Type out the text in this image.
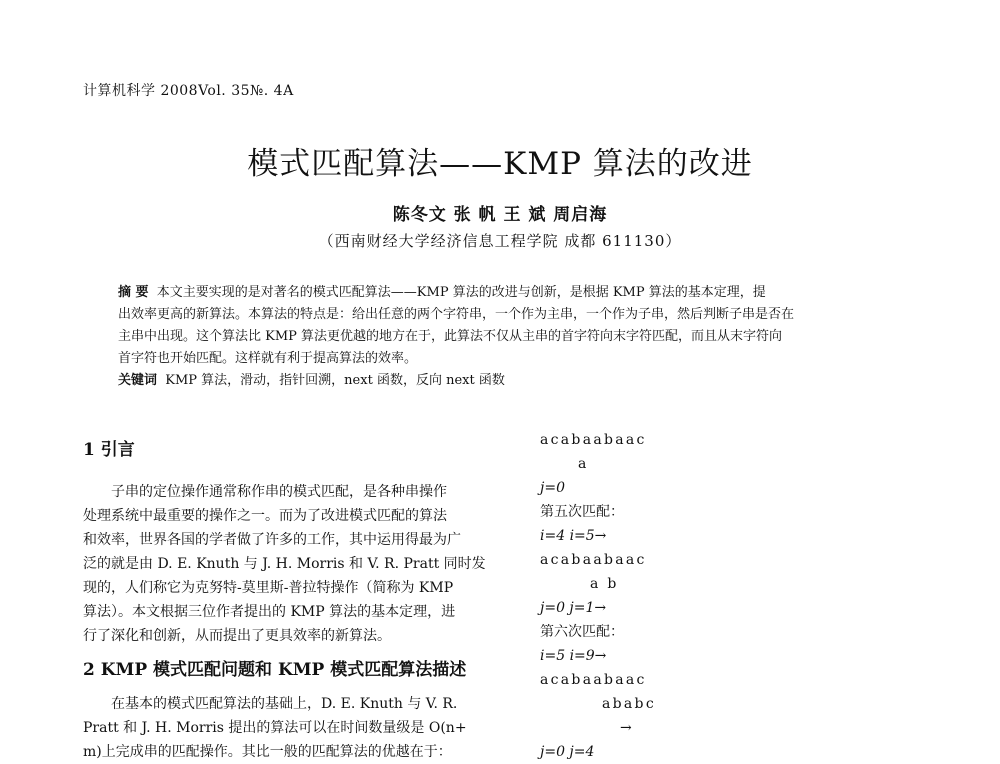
计算机科学 2008Vol. 35№. 4A
模式匹配算法——KMP 算法的改进
陈冬文 张 帆 王 斌 周启海
（西南财经大学经济信息工程学院 成都 611130）
摘 要 本文主要实现的是对著名的模式匹配算法——KMP 算法的改进与创新，是根据 KMP 算法的基本定理，提
出效率更高的新算法。本算法的特点是：给出任意的两个字符串，一个作为主串，一个作为子串，然后判断子串是否在
主串中出现。这个算法比 KMP 算法更优越的地方在于，此算法不仅从主串的首字符向末字符匹配，而且从末字符向
首字符也开始匹配。这样就有利于提高算法的效率。
关键词 KMP 算法，滑动，指针回溯，next 函数，反向 next 函数
1 引言
子串的定位操作通常称作串的模式匹配，是各种串操作
处理系统中最重要的操作之一。而为了改进模式匹配的算法
和效率，世界各国的学者做了许多的工作，其中运用得最为广
泛的就是由 D. E. Knuth 与 J. H. Morris 和 V. R. Pratt 同时发
现的，人们称它为克努特-莫里斯-普拉特操作（简称为 KMP
算法）。本文根据三位作者提出的 KMP 算法的基本定理，进
行了深化和创新，从而提出了更具效率的新算法。
2 KMP 模式匹配问题和 KMP 模式匹配算法描述
在基本的模式匹配算法的基础上，D. E. Knuth 与 V. R.
Pratt 和 J. H. Morris 提出的算法可以在时间数量级是 O(n+
m)上完成串的匹配操作。其比一般的匹配算法的优越在于：
acabaabaac
a
j=0
第五次匹配：
i=4 i=5→
acabaabaac
a b
j=0 j=1→
第六次匹配：
i=5 i=9→
acabaabaac
ababc
→
j=0 j=4
